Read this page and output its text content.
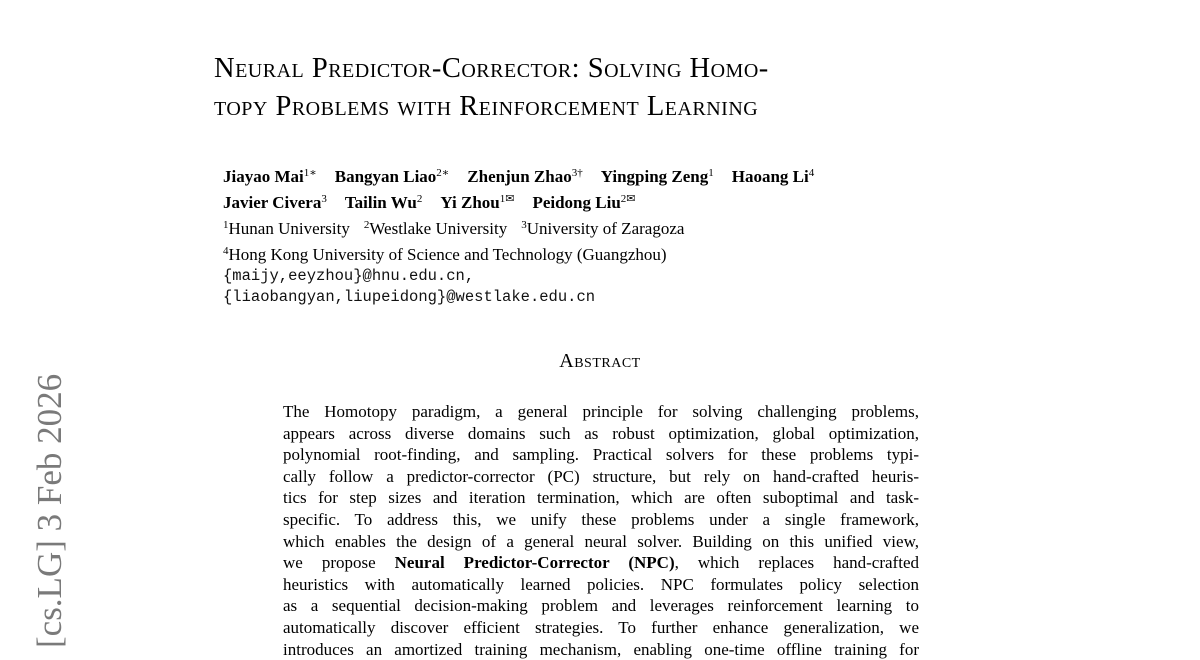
[cs.LG] 3 Feb 2026
Neural Predictor-Corrector: Solving Homo-
topy Problems with Reinforcement Learning
Jiayao Mai$^{1∗}$ Bangyan Liao$^{2∗}$ Zhenjun Zhao$^{3\dagger}$ Yingping Zeng$^1$ Haoang Li$^4$
Javier Civera$^3$ Tailin Wu$^2$ Yi Zhou$^{1✉}$ Peidong Liu$^{2✉}$
$^1$Hunan University $^2$Westlake University $^3$University of Zaragoza
$^4$Hong Kong University of Science and Technology (Guangzhou)
{maijy,eeyzhou}@hnu.edu.cn,
{liaobangyan,liupeidong}@westlake.edu.cn
Abstract
The Homotopy paradigm, a general principle for solving challenging problems,
appears across diverse domains such as robust optimization, global optimization,
polynomial root-finding, and sampling. Practical solvers for these problems typi-
cally follow a predictor-corrector (PC) structure, but rely on hand-crafted heuris-
tics for step sizes and iteration termination, which are often suboptimal and task-
specific. To address this, we unify these problems under a single framework,
which enables the design of a general neural solver. Building on this unified view,
we propose Neural Predictor-Corrector (NPC), which replaces hand-crafted
heuristics with automatically learned policies. NPC formulates policy selection
as a sequential decision-making problem and leverages reinforcement learning to
automatically discover efficient strategies. To further enhance generalization, we
introduces an amortized training mechanism, enabling one-time offline training for
